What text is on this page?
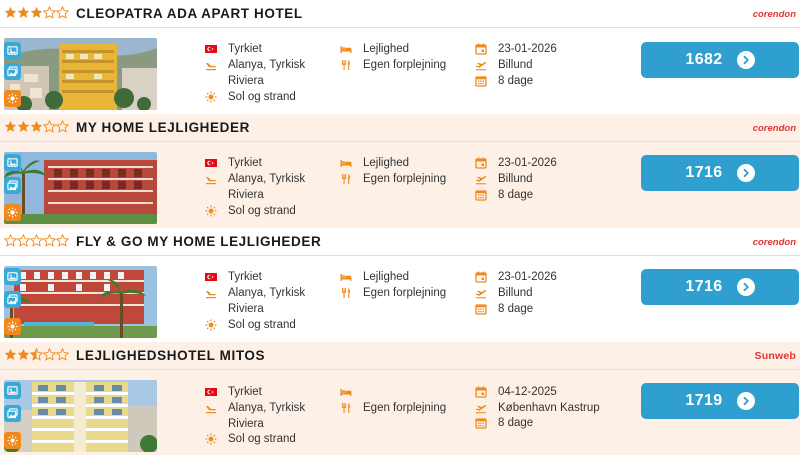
CLEOPATRA ADA APART HOTEL	corendon
Tyrkiet
Alanya, Tyrkisk
Riviera
Sol og strand
Lejlighed
Egen forplejning
23-01-2026
Billund
8 dage
1682
MY HOME LEJLIGHEDER	corendon
Tyrkiet
Alanya, Tyrkisk
Riviera
Sol og strand
Lejlighed
Egen forplejning
23-01-2026
Billund
8 dage
1716
FLY & GO MY HOME LEJLIGHEDER	corendon
Tyrkiet
Alanya, Tyrkisk
Riviera
Sol og strand
Lejlighed
Egen forplejning
23-01-2026
Billund
8 dage
1716
LEJLIGHEDSHOTEL MITOS	Sunweb
Tyrkiet
Alanya, Tyrkisk
Riviera
Sol og strand
Egen forplejning
04-12-2025
København Kastrup
8 dage
1719
